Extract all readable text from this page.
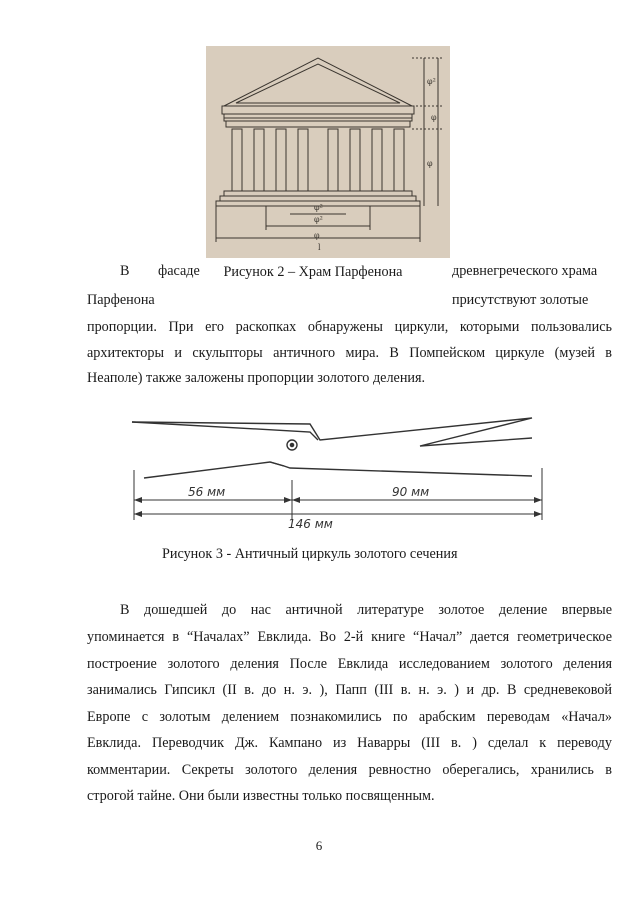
φ²
φ
φ
φ²
φ²
φ
l
В фасаде	Рисунок 2 – Храм Парфенона	древнегреческого храма
Парфенона	присутствуют золотые
пропорции. При его раскопках обнаружены циркули, которыми пользовались
архитекторы и скульпторы античного мира. В Помпейском циркуле (музей в
Неаполе) также заложены пропорции золотого деления.
56 мм	90 мм
146 мм
Рисунок 3 - Античный циркуль золотого сечения
В дошедшей до нас античной литературе золотое деление впервые
упоминается в “Началах” Евклида. Во 2-й книге “Начал” дается геометрическое
построение золотого деления После Евклида исследованием золотого деления
занимались Гипсикл (II в. до н. э. ), Папп (III в. н. э. ) и др. В средневековой
Европе с золотым делением познакомились по арабским переводам «Начал»
Евклида. Переводчик Дж. Кампано из Наварры (III в. ) сделал к переводу
комментарии. Секреты золотого деления ревностно оберегались, хранились в
строгой тайне. Они были известны только посвященным.
6
